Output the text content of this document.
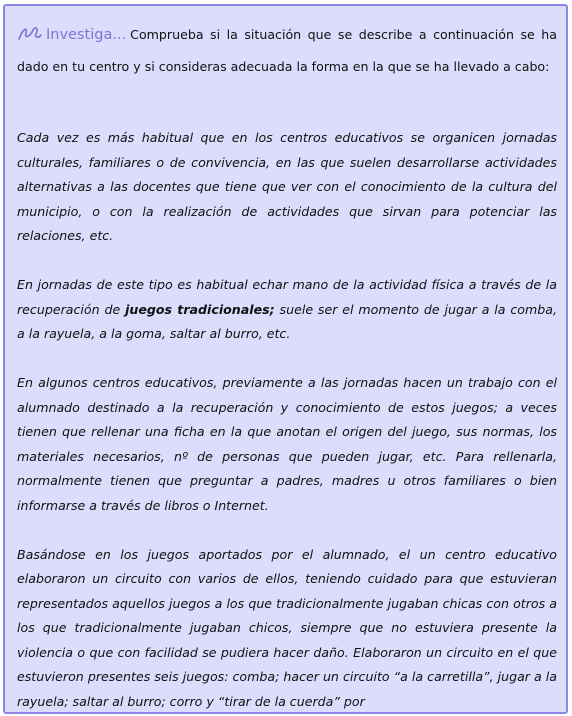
Investiga... Comprueba si la situación que se describe a continuación se ha dado en tu centro y si consideras adecuada la forma en la que se ha llevado a cabo:

Cada vez es más habitual que en los centros educativos se organicen jornadas culturales, familiares o de convivencia, en las que suelen desarrollarse actividades alternativas a las docentes que tiene que ver con el conocimiento de la cultura del municipio, o con la realización de actividades que sirvan para potenciar las relaciones, etc.

En jornadas de este tipo es habitual echar mano de la actividad física a través de la recuperación de juegos tradicionales; suele ser el momento de jugar a la comba, a la rayuela, a la goma, saltar al burro, etc.

En algunos centros educativos, previamente a las jornadas hacen un trabajo con el alumnado destinado a la recuperación y conocimiento de estos juegos; a veces tienen que rellenar una ficha en la que anotan el origen del juego, sus normas, los materiales necesarios, nº de personas que pueden jugar, etc. Para rellenarla, normalmente tienen que preguntar a padres, madres u otros familiares o bien informarse a través de libros o Internet.

Basándose en los juegos aportados por el alumnado, el un centro educativo elaboraron un circuito con varios de ellos, teniendo cuidado para que estuvieran representados aquellos juegos a los que tradicionalmente jugaban chicas con otros a los que tradicionalmente jugaban chicos, siempre que no estuviera presente la violencia o que con facilidad se pudiera hacer daño. Elaboraron un circuito en el que estuvieron presentes seis juegos: comba; hacer un circuito “a la carretilla”, jugar a la rayuela; saltar al burro; corro y “tirar de la cuerda” por
